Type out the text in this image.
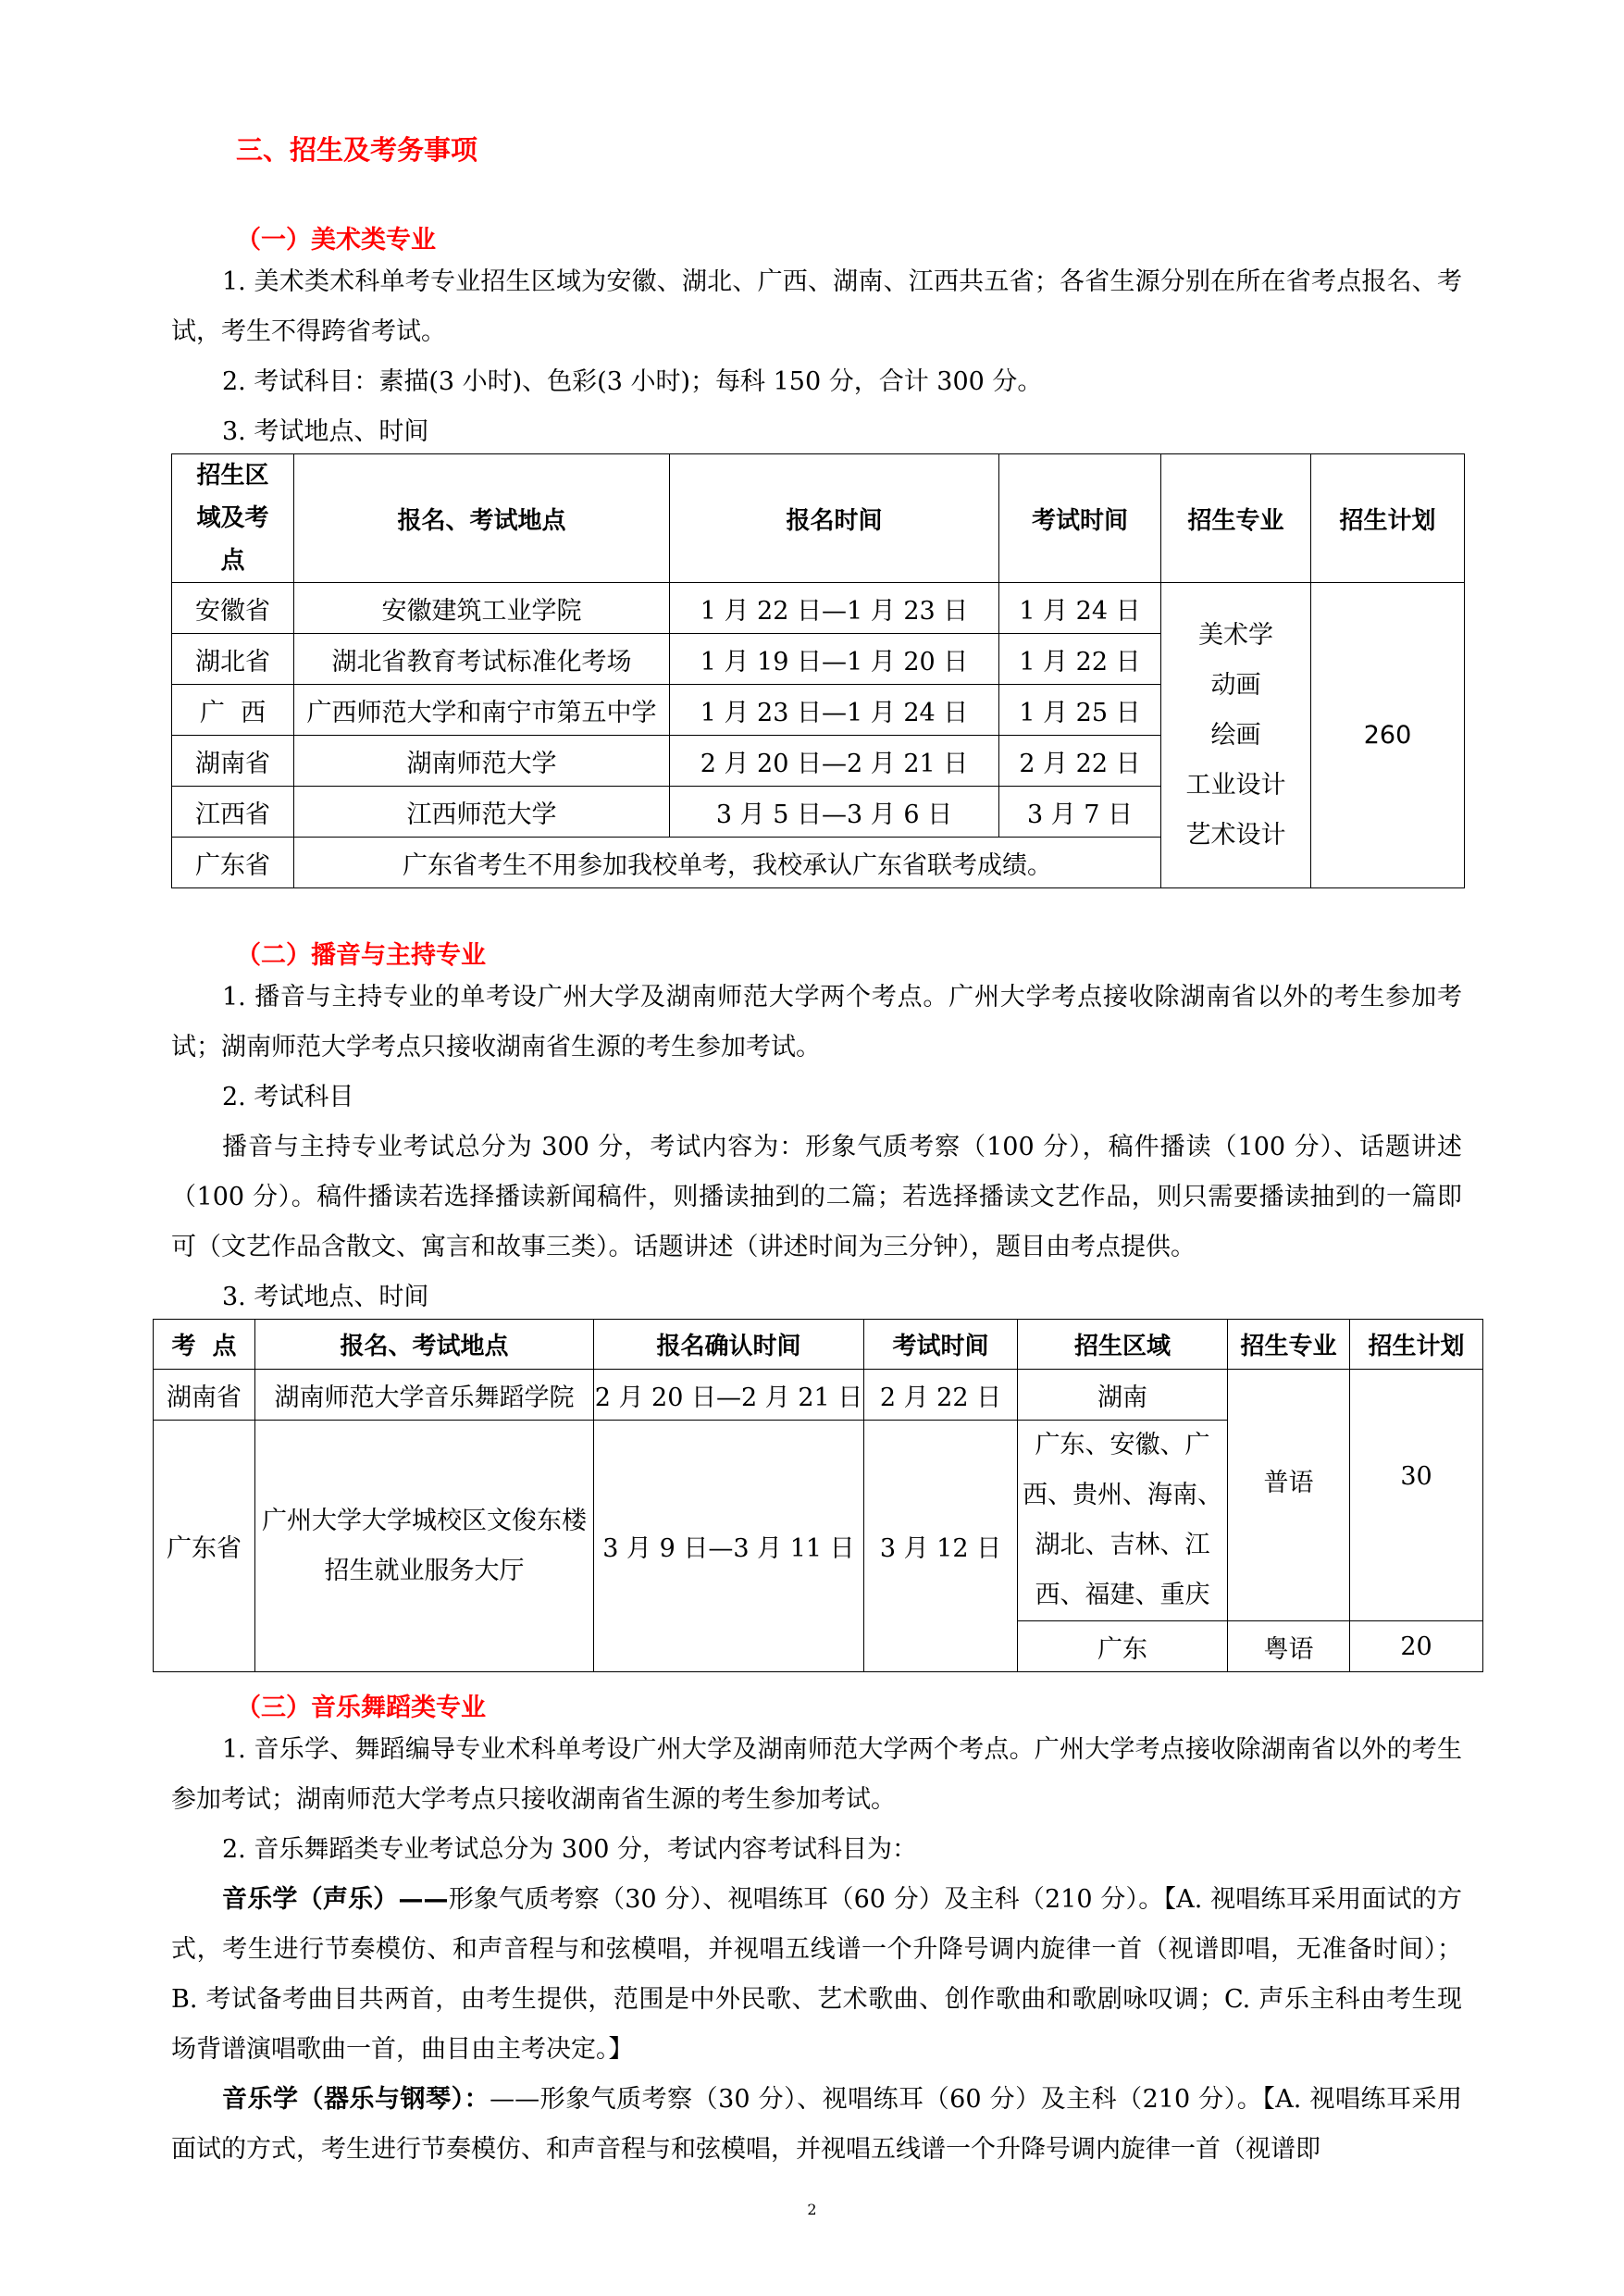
三、招生及考务事项
（一）美术类专业

1. 美术类术科单考专业招生区域为安徽、湖北、广西、湖南、江西共五省；各省生源分别在所在省考点报名、考试，考生不得跨省考试。

2. 考试科目：素描(3 小时)、色彩(3 小时)；每科 150 分，合计 300 分。

3. 考试地点、时间

招生区域及考点	报名、考试地点	报名时间	考试时间	招生专业	招生计划
安徽省	安徽建筑工业学院	1 月 22 日—1 月 23 日	1 月 24 日	美术学
动画
绘画
工业设计
艺术设计	260
湖北省	湖北省教育考试标准化考场	1 月 19 日—1 月 20 日	1 月 22 日		
广  西	广西师范大学和南宁市第五中学	1 月 23 日—1 月 24 日	1 月 25 日		
湖南省	湖南师范大学	2 月 20 日—2 月 21 日	2 月 22 日		
江西省	江西师范大学	3 月 5 日—3 月 6 日	3 月 7 日		
广东省	广东省考生不用参加我校单考，我校承认广东省联考成绩。				
（二）播音与主持专业

1. 播音与主持专业的单考设广州大学及湖南师范大学两个考点。广州大学考点接收除湖南省以外的考生参加考试；湖南师范大学考点只接收湖南省生源的考生参加考试。

2. 考试科目

播音与主持专业考试总分为 300 分，考试内容为：形象气质考察（100 分），稿件播读（100 分）、话题讲述（100 分）。稿件播读若选择播读新闻稿件，则播读抽到的二篇；若选择播读文艺作品，则只需要播读抽到的一篇即可（文艺作品含散文、寓言和故事三类）。话题讲述（讲述时间为三分钟），题目由考点提供。

3. 考试地点、时间

考  点	报名、考试地点	报名确认时间	考试时间	招生区域	招生专业	招生计划
湖南省	湖南师范大学音乐舞蹈学院	2 月 20 日—2 月 21 日	2 月 22 日	湖南	普语	30
广东省	广州大学大学城校区文俊东楼招生就业服务大厅	3 月 9 日—3 月 11 日	3 月 12 日	广东、安徽、广西、贵州、海南、湖北、吉林、江西、福建、重庆		
				广东	粤语	20
（三）音乐舞蹈类专业

1. 音乐学、舞蹈编导专业术科单考设广州大学及湖南师范大学两个考点。广州大学考点接收除湖南省以外的考生参加考试；湖南师范大学考点只接收湖南省生源的考生参加考试。

2. 音乐舞蹈类专业考试总分为 300 分，考试内容考试科目为：

音乐学（声乐）——形象气质考察（30 分）、视唱练耳（60 分）及主科（210 分）。【A. 视唱练耳采用面试的方式，考生进行节奏模仿、和声音程与和弦模唱，并视唱五线谱一个升降号调内旋律一首（视谱即唱，无准备时间）； B. 考试备考曲目共两首，由考生提供，范围是中外民歌、艺术歌曲、创作歌曲和歌剧咏叹调；C. 声乐主科由考生现场背谱演唱歌曲一首，曲目由主考决定。】

音乐学（器乐与钢琴）：——形象气质考察（30 分）、视唱练耳（60 分）及主科（210 分）。【A. 视唱练耳采用面试的方式，考生进行节奏模仿、和声音程与和弦模唱，并视唱五线谱一个升降号调内旋律一首（视谱即

2
